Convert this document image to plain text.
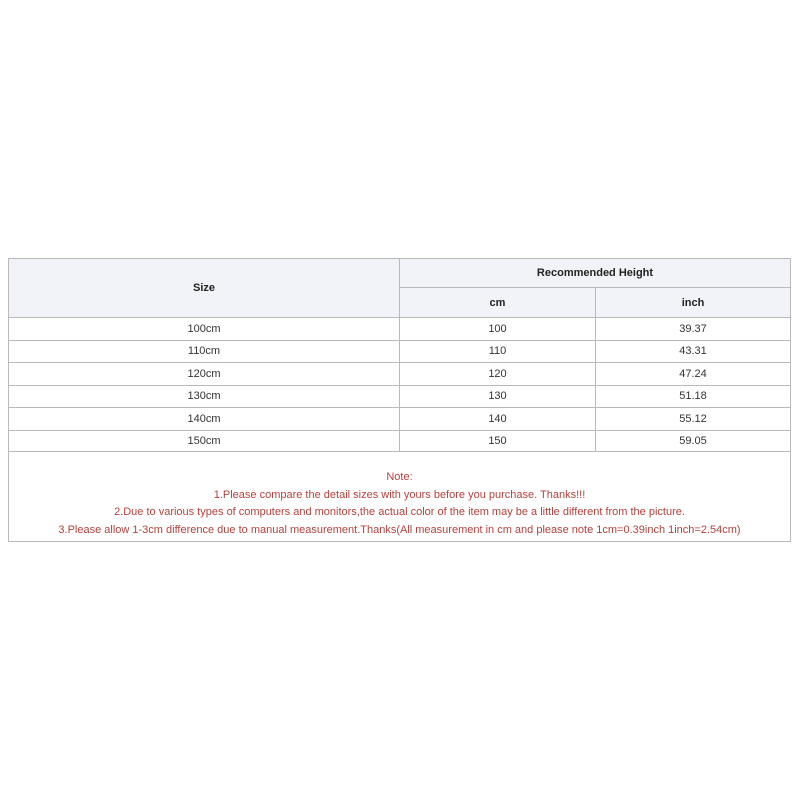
Size
Recommended Height
cm	inch
100cm	100	39.37
110cm	110	43.31
120cm	120	47.24
130cm	130	51.18
140cm	140	55.12
150cm	150	59.05
Note:
1.Please compare the detail sizes with yours before you purchase. Thanks!!!
2.Due to various types of computers and monitors,the actual color of the item may be a little different from the picture.
3.Please allow 1-3cm difference due to manual measurement.Thanks(All measurement in cm and please note 1cm=0.39inch 1inch=2.54cm)
